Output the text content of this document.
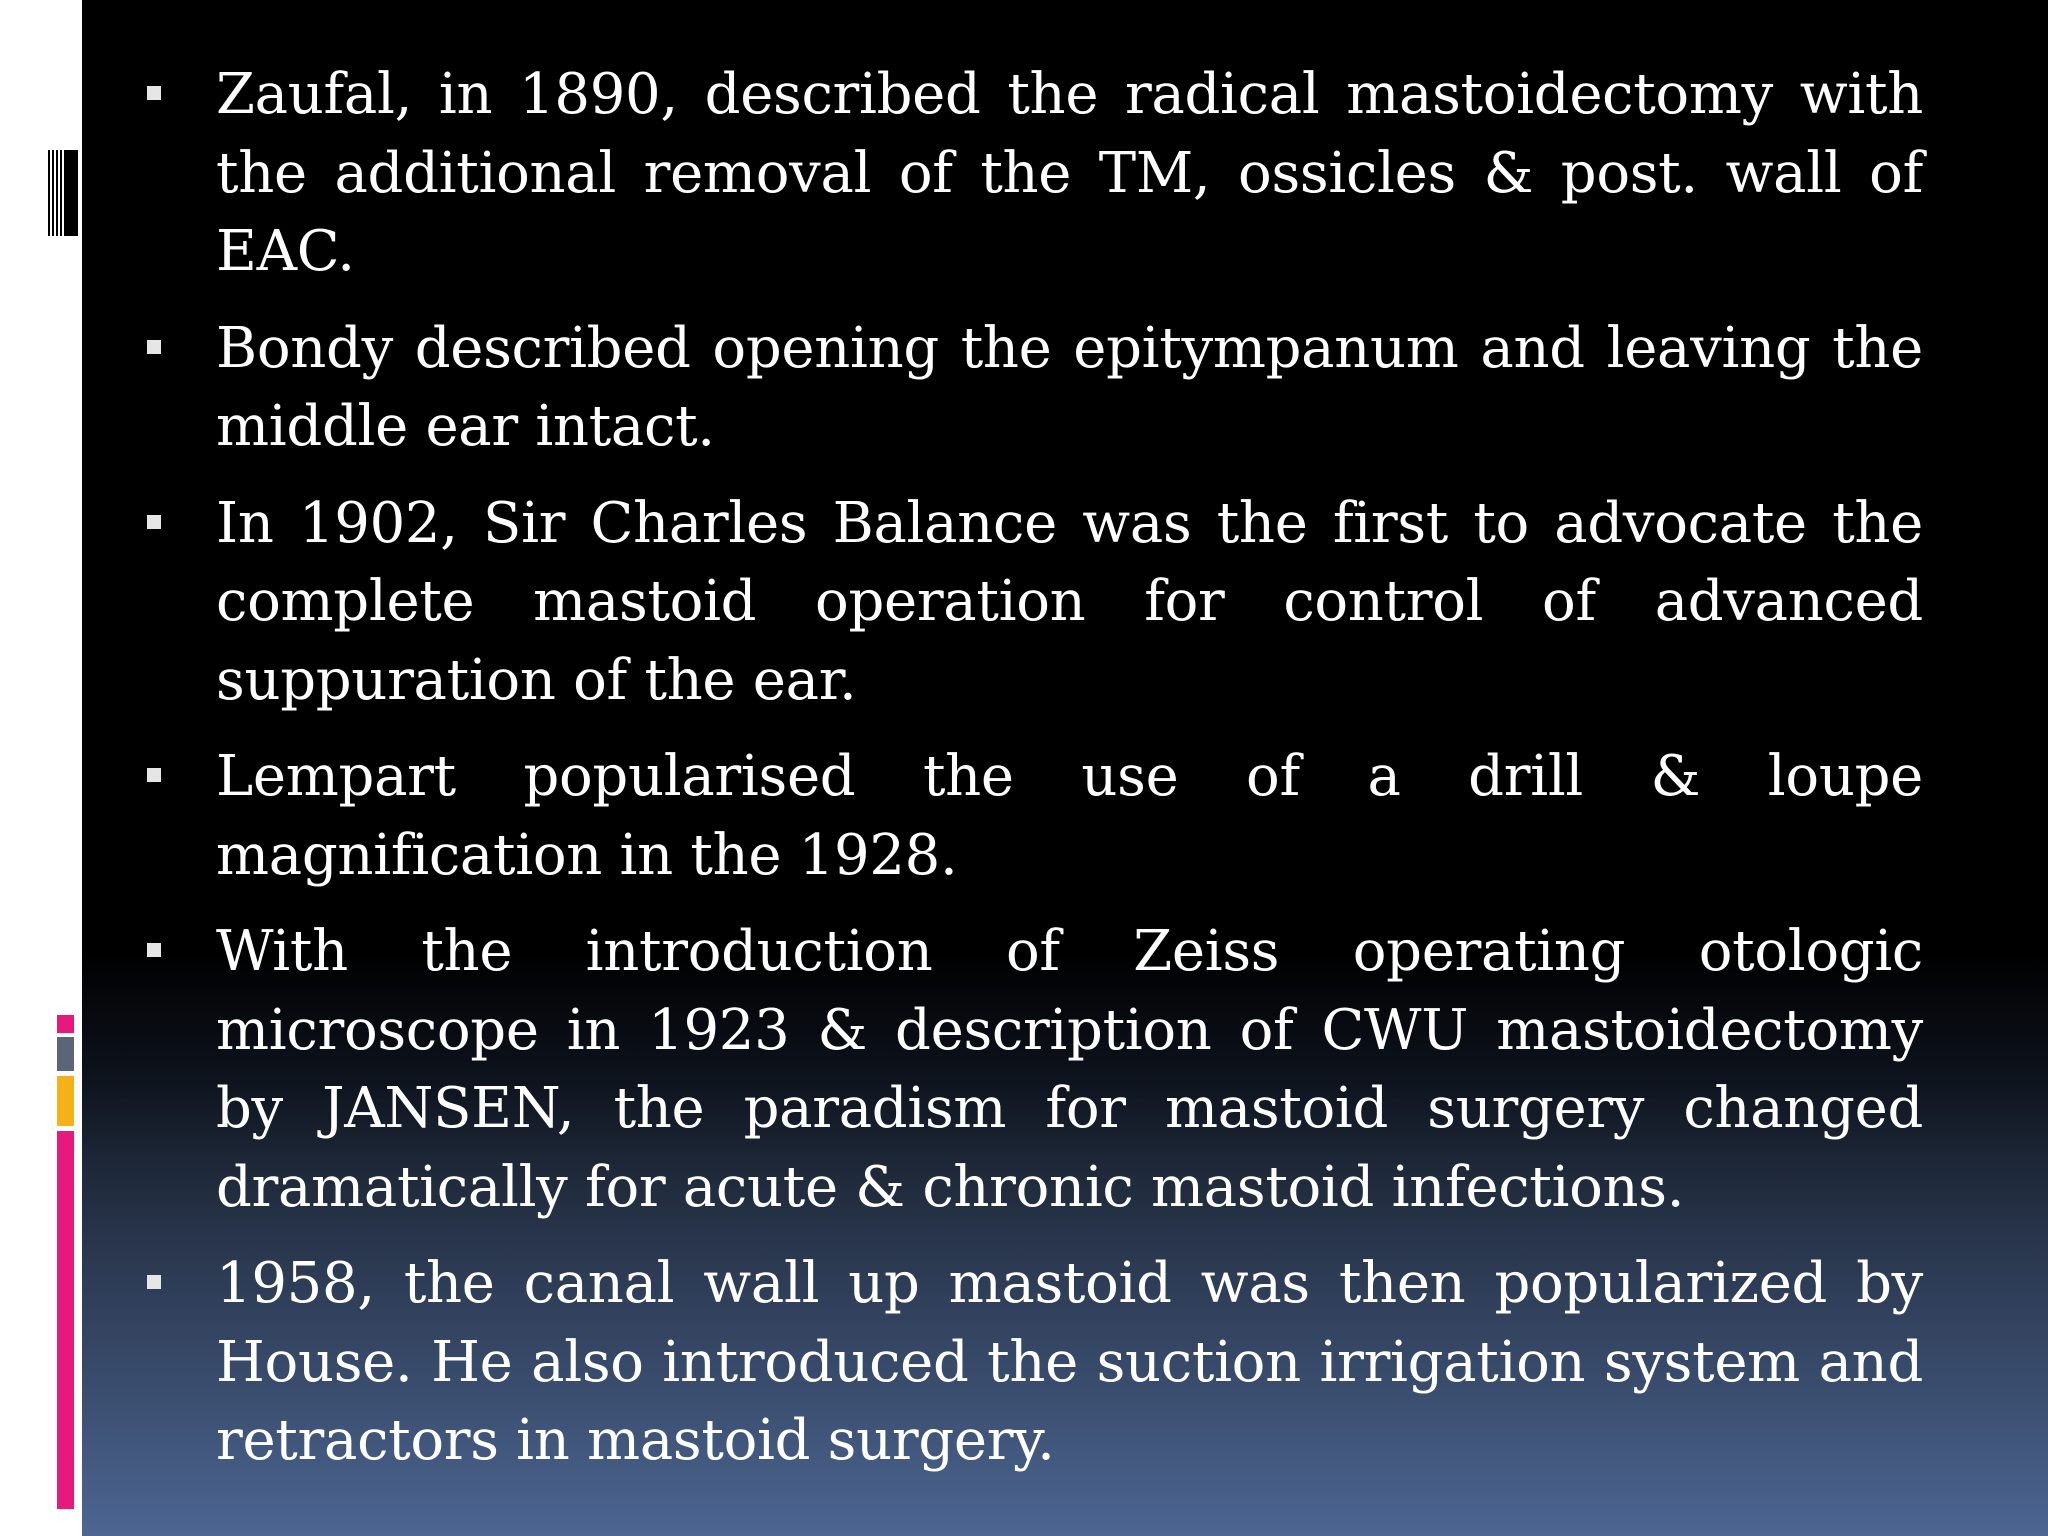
Zaufal, in 1890, described the radical mastoidectomy with the additional removal of the TM, ossicles & post. wall of EAC.
Bondy described opening the epitympanum and leaving the middle ear intact.
In 1902, Sir Charles Balance was the first to advocate the complete mastoid operation for control of advanced suppuration of the ear.
Lempart popularised the use of a drill & loupe magnification in the 1928.
With the introduction of Zeiss operating otologic microscope in 1923 & description of CWU mastoidectomy by JANSEN, the paradism for mastoid surgery changed dramatically for acute & chronic mastoid infections.
1958, the canal wall up mastoid was then popularized by House. He also introduced the suction irrigation system and retractors in mastoid surgery.
